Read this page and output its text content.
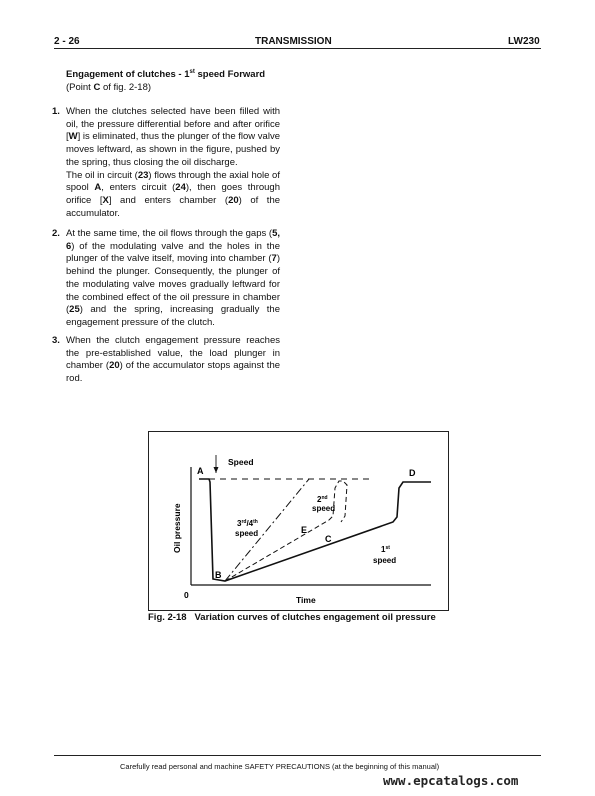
2 - 26	TRANSMISSION	LW230
Engagement of clutches - 1st speed Forward
(Point C of fig. 2-18)
1. When the clutches selected have been filled with oil, the pressure differential before and after orifice [W] is eliminated, thus the plunger of the flow valve moves leftward, as shown in the figure, pushed by the spring, thus closing the oil discharge.

The oil in circuit (23) flows through the axial hole of spool A, enters circuit (24), then goes through orifice [X] and enters chamber (20) of the accumulator.

2. At the same time, the oil flows through the gaps (5, 6) of the modulating valve and the holes in the plunger of the valve itself, moving into chamber (7) behind the plunger. Consequently, the plunger of the modulating valve moves gradually leftward for the combined effect of the oil pressure in chamber (25) and the spring, increasing gradually the engagement pressure of the clutch.

3. When the clutch engagement pressure reaches the pre-established value, the load plunger in chamber (20) of the accumulator stops against the rod.

Speed
A	D
B
E
C
0	Time
Oil pressure
2nd
speed
3rd/4th
speed
1st
speed
Fig. 2-18 Variation curves of clutches engagement oil pressure
Carefully read personal and machine SAFETY PRECAUTIONS (at the beginning of this manual)
www.epcatalogs.com
